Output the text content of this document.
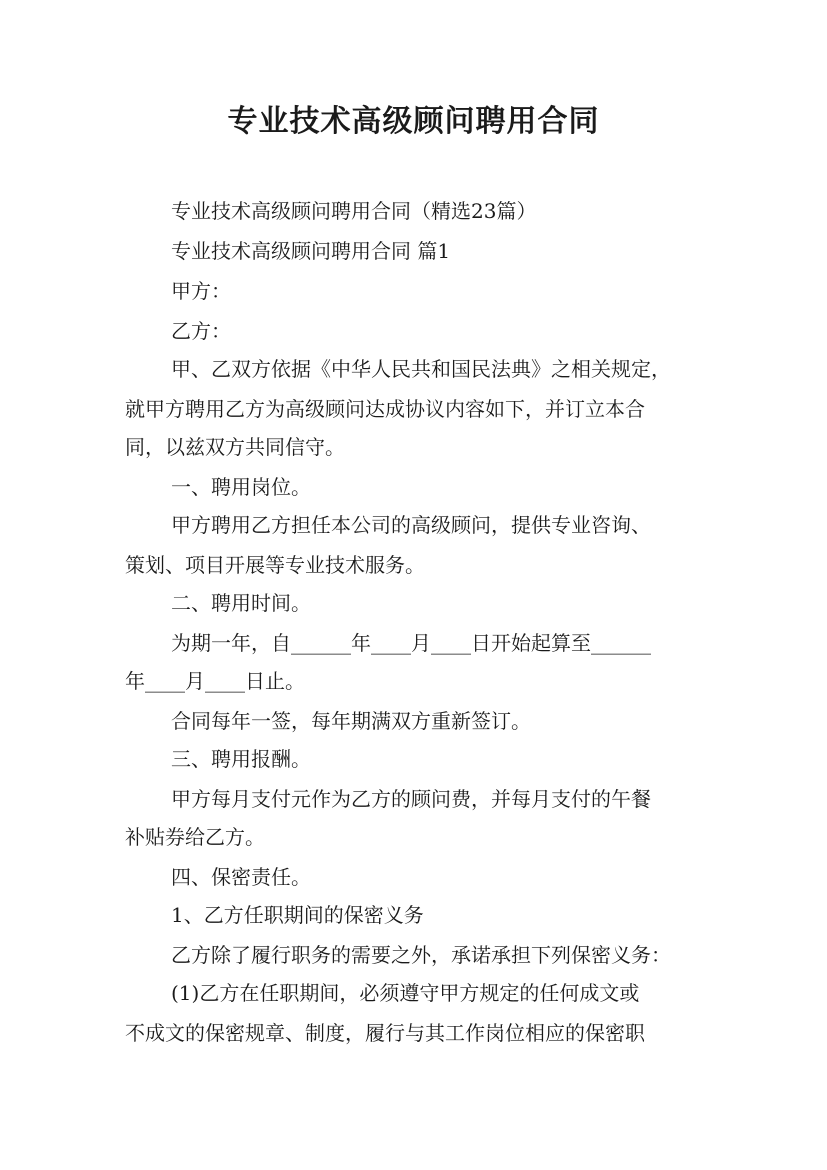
专业技术高级顾问聘用合同
专业技术高级顾问聘用合同（精选23篇）
专业技术高级顾问聘用合同 篇1
甲方：
乙方：
甲、乙双方依据《中华人民共和国民法典》之相关规定，
就甲方聘用乙方为高级顾问达成协议内容如下，并订立本合
同，以兹双方共同信守。
一、聘用岗位。
甲方聘用乙方担任本公司的高级顾问，提供专业咨询、
策划、项目开展等专业技术服务。
二、聘用时间。
为期一年，自______年____月____日开始起算至______
年____月____日止。
合同每年一签，每年期满双方重新签订。
三、聘用报酬。
甲方每月支付元作为乙方的顾问费，并每月支付的午餐
补贴券给乙方。
四、保密责任。
1、乙方任职期间的保密义务
乙方除了履行职务的需要之外，承诺承担下列保密义务：
(1)乙方在任职期间，必须遵守甲方规定的任何成文或
不成文的保密规章、制度，履行与其工作岗位相应的保密职
